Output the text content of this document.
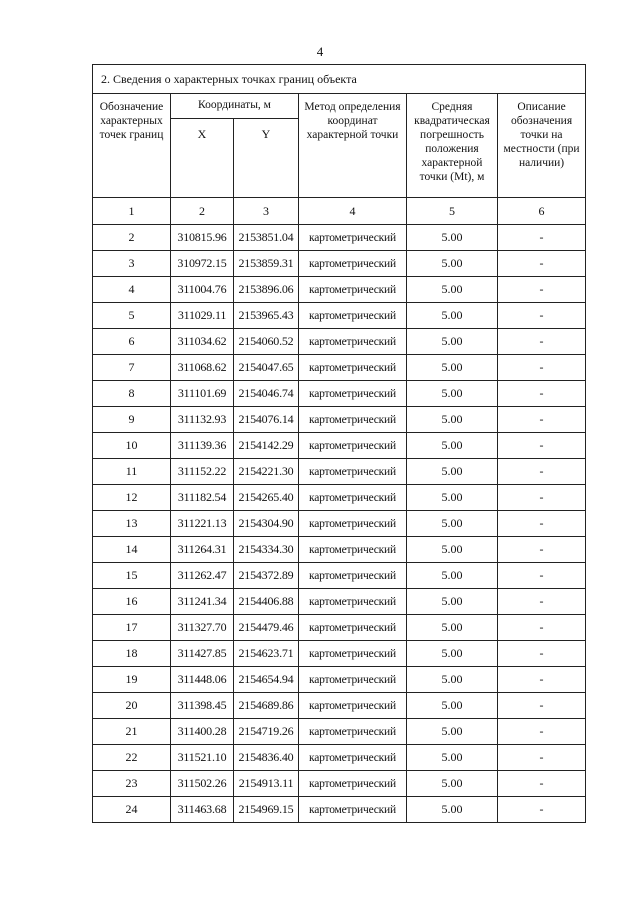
4
2. Сведения о характерных точках границ объекта					
Обозначение характерных точек границ	Координаты, м		Метод определения координат характерной точки	Средняя квадратическая погрешность положения характерной точки (Mt), м	Описание обозначения точки на местности (при наличии)
	X	Y			
1	2	3	4	5	6
2	310815.96	2153851.04	картометрический	5.00	-
3	310972.15	2153859.31	картометрический	5.00	-
4	311004.76	2153896.06	картометрический	5.00	-
5	311029.11	2153965.43	картометрический	5.00	-
6	311034.62	2154060.52	картометрический	5.00	-
7	311068.62	2154047.65	картометрический	5.00	-
8	311101.69	2154046.74	картометрический	5.00	-
9	311132.93	2154076.14	картометрический	5.00	-
10	311139.36	2154142.29	картометрический	5.00	-
11	311152.22	2154221.30	картометрический	5.00	-
12	311182.54	2154265.40	картометрический	5.00	-
13	311221.13	2154304.90	картометрический	5.00	-
14	311264.31	2154334.30	картометрический	5.00	-
15	311262.47	2154372.89	картометрический	5.00	-
16	311241.34	2154406.88	картометрический	5.00	-
17	311327.70	2154479.46	картометрический	5.00	-
18	311427.85	2154623.71	картометрический	5.00	-
19	311448.06	2154654.94	картометрический	5.00	-
20	311398.45	2154689.86	картометрический	5.00	-
21	311400.28	2154719.26	картометрический	5.00	-
22	311521.10	2154836.40	картометрический	5.00	-
23	311502.26	2154913.11	картометрический	5.00	-
24	311463.68	2154969.15	картометрический	5.00	-
